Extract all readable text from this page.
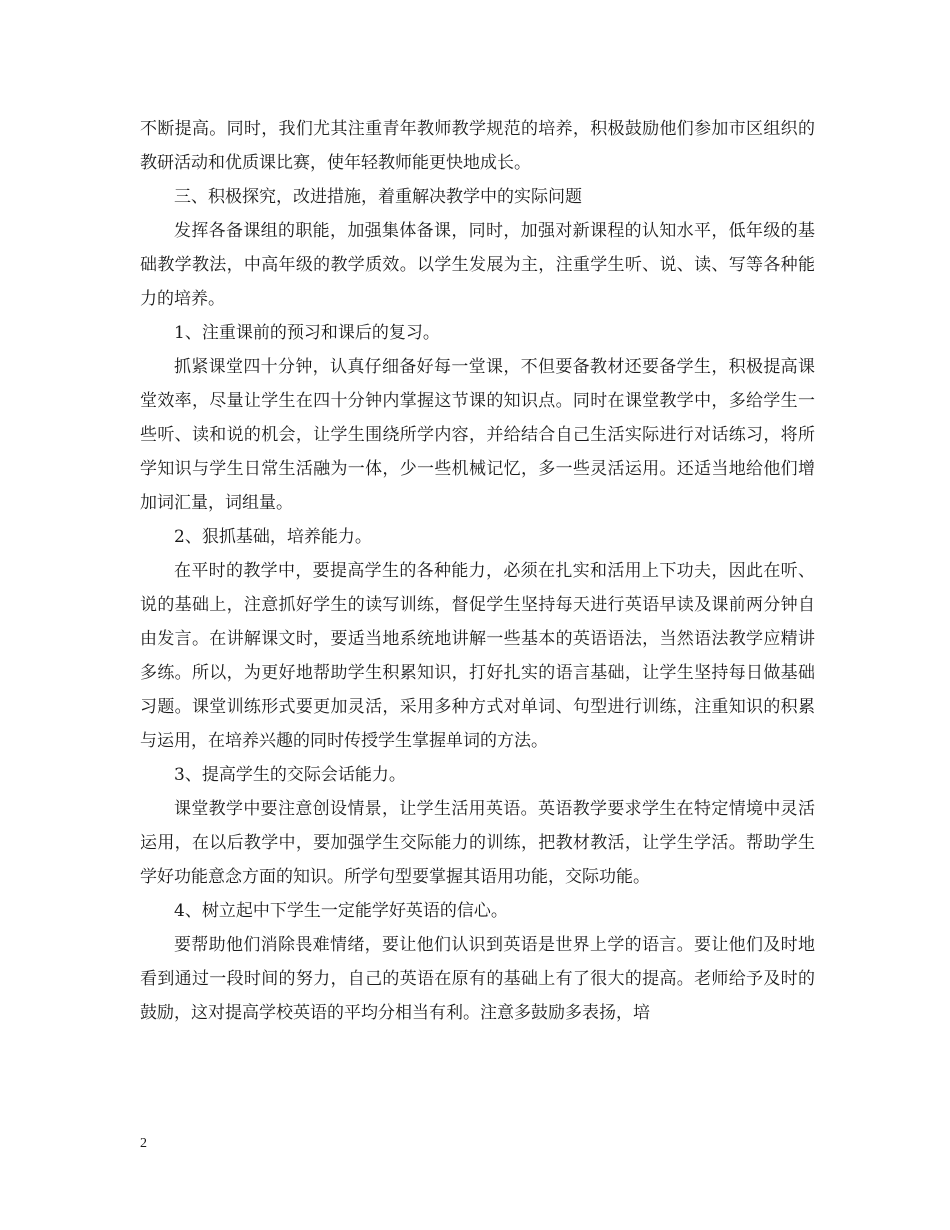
不断提高。同时，我们尤其注重青年教师教学规范的培养，积极鼓励他们参加市区组织的教研活动和优质课比赛，使年轻教师能更快地成长。

三、积极探究，改进措施，着重解决教学中的实际问题

发挥各备课组的职能，加强集体备课，同时，加强对新课程的认知水平，低年级的基础教学教法，中高年级的教学质效。以学生发展为主，注重学生听、说、读、写等各种能力的培养。

1、注重课前的预习和课后的复习。

抓紧课堂四十分钟，认真仔细备好每一堂课，不但要备教材还要备学生，积极提高课堂效率，尽量让学生在四十分钟内掌握这节课的知识点。同时在课堂教学中，多给学生一些听、读和说的机会，让学生围绕所学内容，并给结合自己生活实际进行对话练习，将所学知识与学生日常生活融为一体，少一些机械记忆，多一些灵活运用。还适当地给他们增加词汇量，词组量。

2、狠抓基础，培养能力。

在平时的教学中，要提高学生的各种能力，必须在扎实和活用上下功夫，因此在听、说的基础上，注意抓好学生的读写训练，督促学生坚持每天进行英语早读及课前两分钟自由发言。在讲解课文时，要适当地系统地讲解一些基本的英语语法，当然语法教学应精讲多练。所以，为更好地帮助学生积累知识，打好扎实的语言基础，让学生坚持每日做基础习题。课堂训练形式要更加灵活，采用多种方式对单词、句型进行训练，注重知识的积累与运用，在培养兴趣的同时传授学生掌握单词的方法。

3、提高学生的交际会话能力。

课堂教学中要注意创设情景，让学生活用英语。英语教学要求学生在特定情境中灵活运用，在以后教学中，要加强学生交际能力的训练，把教材教活，让学生学活。帮助学生学好功能意念方面的知识。所学句型要掌握其语用功能，交际功能。

4、树立起中下学生一定能学好英语的信心。

要帮助他们消除畏难情绪，要让他们认识到英语是世界上学的语言。要让他们及时地看到通过一段时间的努力，自己的英语在原有的基础上有了很大的提高。老师给予及时的鼓励，这对提高学校英语的平均分相当有利。注意多鼓励多表扬，培

2
